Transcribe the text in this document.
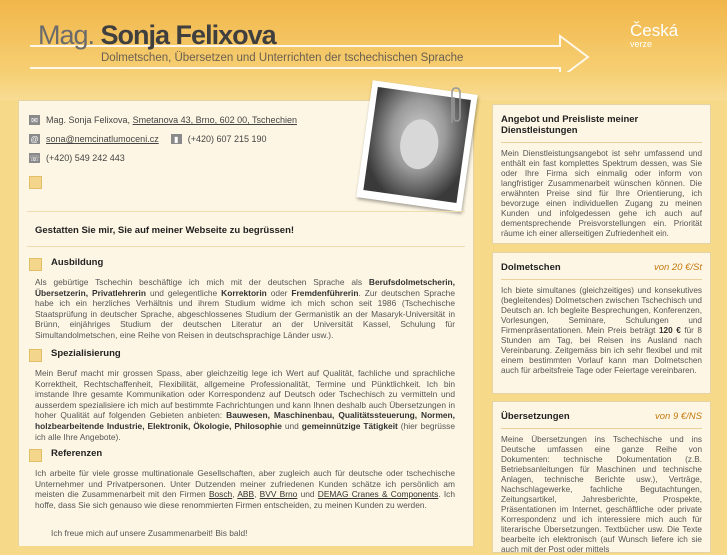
Mag. Sonja Felixova
Dolmetschen, Übersetzen und Unterrichten der tschechischen Sprache
Česká
verze
✉ Mag. Sonja Felixova,
Smetanova 43, Brno, 602 00, Tschechien
@ sona@nemcinatlumoceni.cz	▮	(+420) 607 215 190
☏ (+420) 549 242 443
Gestatten Sie mir, Sie auf meiner Webseite zu begrüssen!
Ausbildung
Als gebürtige Tschechin beschäftige ich mich mit der deutschen Sprache als Berufsdolmetscherin, Übersetzerin, Privatlehrerin und gelegentliche Korrektorin oder Fremdenführerin. Zur deutschen Sprache habe ich ein herzliches Verhältnis und ihrem Studium widme ich mich schon seit 1986 (Tschechische Staatsprüfung in deutscher Sprache, abgeschlossenes Studium der Germanistik an der Masaryk-Universität in Brünn, einjähriges Studium der deutschen Literatur an der Universität Kassel, Schulung für Simultandolmetschen, eine Reihe von Reisen in deutschsprachige Länder usw.).
Spezialisierung
Mein Beruf macht mir grossen Spass, aber gleichzeitig lege ich Wert auf Qualität, fachliche und sprachliche Korrektheit, Rechtschaffenheit, Flexibilität, allgemeine Professionalität, Termine und Pünktlichkeit. Ich bin imstande Ihre gesamte Kommunikation oder Korrespondenz auf Deutsch oder Tschechisch zu vermitteln und ausserdem spezialisiere ich mich auf bestimmte Fachrichtungen und kann Ihnen deshalb auch Übersetzungen in hoher Qualität auf folgenden Gebieten anbieten: Bauwesen, Maschinenbau, Qualitätssteuerung, Normen, holzbearbeitende Industrie, Elektronik, Ökologie, Philosophie und gemeinnützige Tätigkeit (hier begrüsse ich alle Ihre Angebote).
Referenzen
Ich arbeite für viele grosse multinationale Gesellschaften, aber zugleich auch für deutsche oder tschechische Unternehmer und Privatpersonen. Unter Dutzenden meiner zufriedenen Kunden schätze ich persönlich am meisten die Zusammenarbeit mit den Firmen Bosch, ABB, BVV Brno und DEMAG Cranes & Components. Ich hoffe, dass Sie sich genauso wie diese renommierten Firmen entscheiden, zu meinen Kunden zu werden.
Ich freue mich auf unsere Zusammenarbeit! Bis bald!
Angebot und Preisliste meiner Dienstleistungen

Mein Dienstleistungsangebot ist sehr umfassend und enthält ein fast komplettes Spektrum dessen, was Sie oder Ihre Firma sich einmalig oder inform von langfristiger Zusammenarbeit wünschen können. Die erwähnten Preise sind für Ihre Orientierung, ich bevorzuge einen individuellen Zugang zu meinen Kunden und infolgedessen gehe ich auch auf dementsprechende Preisvorstellungen ein. Priorität räume ich einer allerseitigen Zufriedenheit ein.

Dolmetschen	von 20 €/St

Ich biete simultanes (gleichzeitiges) und konsekutives (begleitendes) Dolmetschen zwischen Tschechisch und Deutsch an. Ich begleite Besprechungen, Konferenzen, Vorlesungen, Seminare, Schulungen und Firmenpräsentationen. Mein Preis beträgt 120 € für 8 Stunden am Tag, bei Reisen ins Ausland nach Vereinbarung. Zeitgemäss bin ich sehr flexibel und mit einem bestimmten Vorlauf kann man Dolmetschen auch für arbeitsfreie Tage oder Feiertage vereinbaren.

Übersetzungen	von 9 €/NS

Meine Übersetzungen ins Tschechische und ins Deutsche umfassen eine ganze Reihe von Dokumenten: technische Dokumentation (z.B. Betriebsanleitungen für Maschinen und technische Anlagen, technische Berichte usw.), Verträge, Nachschlagewerke, fachliche Begutachtungen, Zeitungsartikel, Jahresberichte, Prospekte, Präsentationen im Internet, geschäftliche oder private Korrespondenz und ich interessiere mich auch für literarische Übersetzungen. Textbücher usw. Die Texte bearbeite ich elektronisch (auf Wunsch liefere ich sie auch mit der Post oder mittels
